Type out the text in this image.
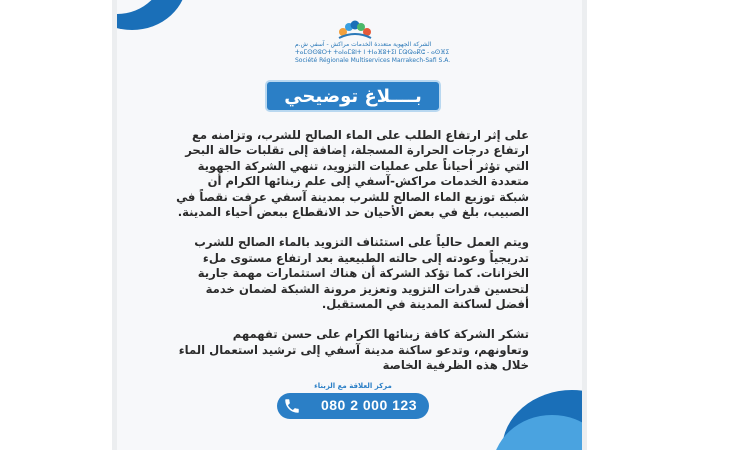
الشركة الجهوية متعددة الخدمات مراكش - آسفي ش.م
ⵜⴰⵎⵙⵙⵓⵔⵜ ⵜⴰⵏⴰⵎⵓⵏⵜ ⵏ ⵜⵏⴰⴼⵓⵜⵉⵏ ⵎⵕⵕⴰⴽⵛ - ⴰⵙⴼⵉ
Société Régionale Multiservices Marrakech-Safi S.A.
بــــلاغ توضيحي

على إثر ارتفاع الطلب على الماء الصالح للشرب، وتزامنه مع ارتفاع درجات الحرارة المسجلة، إضافة إلى تقلبات حالة البحر التي تؤثر أحياناً على عمليات التزويد، تنهي الشركة الجهوية متعددة الخدمات مراكش-آسفي إلى علم زبنائها الكرام أن شبكة توزيع الماء الصالح للشرب بمدينة آسفي عرفت نقصاً في الصبيب، بلغ في بعض الأحيان حد الانقطاع ببعض أحياء المدينة.

ويتم العمل حالياً على استئناف التزويد بالماء الصالح للشرب تدريجياً وعودته إلى حالته الطبيعية بعد ارتفاع مستوى ملء الخزانات. كما تؤكد الشركة أن هناك استثمارات مهمة جارية لتحسين قدرات التزويد وتعزيز مرونة الشبكة لضمان خدمة أفضل لساكنة المدينة في المستقبل.

تشكر الشركة كافة زبنائها الكرام على حسن تفهمهم وتعاونهم، وتدعو ساكنة مدينة آسفي إلى ترشيد استعمال الماء خلال هذه الظرفية الخاصة

مركز العلاقة مع الزبناء
080 2 000 123
